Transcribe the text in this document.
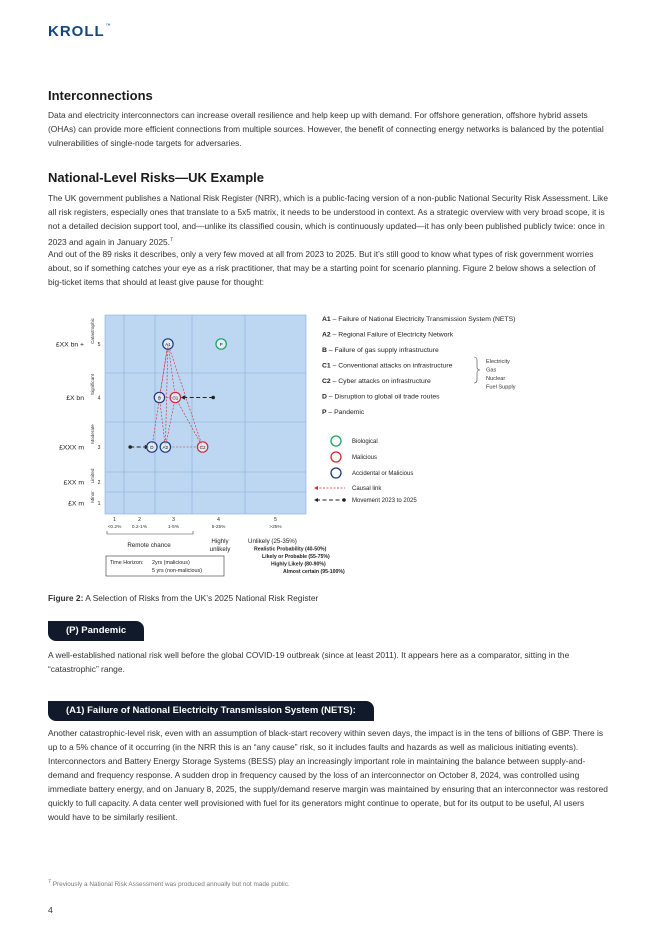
KROLL™
Interconnections

Data and electricity interconnectors can increase overall resilience and help keep up with demand. For offshore generation, offshore hybrid assets (OHAs) can provide more efficient connections from multiple sources. However, the benefit of connecting energy networks is balanced by the potential vulnerabilities of single-node targets for adversaries.

National-Level Risks—UK Example

The UK government publishes a National Risk Register (NRR), which is a public-facing version of a non-public National Security Risk Assessment. Like all risk registers, especially ones that translate to a 5x5 matrix, it needs to be understood in context. As a strategic overview with very broad scope, it is not a detailed decision support tool, and—unlike its classified cousin, which is continuously updated—it has only been published publicly twice: once in 2023 and again in January 2025.$^7$

And out of the 89 risks it describes, only a very few moved at all from 2023 to 2025. But it’s still good to know what types of risk government worries about, so if something catches your eye as a risk practitioner, that may be a starting point for scenario planning. Figure 2 below shows a selection of big-ticket items that should at least give pause for thought:

£XX bn +	5
Catastrophic
£X bn	4
Significant
£XXX m	3
Moderate
£XX m	2
Limited
£X m	1
Minor
1
<0.2%
2
0.2-1%
3
1-5%
4
5-25%
5
>25%
A1	P
B C1
D A2	C2
A1 – Failure of National Electricity Transmission System (NETS)
A2 – Regional Failure of Electricity Network
B – Failure of gas supply infrastructure
C1 – Conventional attacks on infrastructure
C2 – Cyber attacks on infrastructure
D – Disruption to global oil trade routes
P – Pandemic
Electricity
Gas
Nuclear
Fuel Supply
Biological
Malicious
Accidental or Malicious
Causal link
Movement 2023 to 2025
Remote chance
Highly
unlikely
Unlikely (25-35%)
Realistic Probability (40-50%)
Likely or Probable (55-75%)
Highly Likely (80-90%)
Almost certain (95-100%)
Time Horizon: 2yrs (malicious)
5 yrs (non-malicious)
Figure 2: A Selection of Risks from the UK’s 2025 National Risk Register
(P) Pandemic

A well-established national risk well before the global COVID-19 outbreak (since at least 2011). It appears here as a comparator, sitting in the “catastrophic” range.

(A1) Failure of National Electricity Transmission System (NETS):

Another catastrophic-level risk, even with an assumption of black-start recovery within seven days, the impact is in the tens of billions of GBP. There is up to a 5% chance of it occurring (in the NRR this is an “any cause” risk, so it includes faults and hazards as well as malicious initiating events). Interconnectors and Battery Energy Storage Systems (BESS) play an increasingly important role in maintaining the balance between supply-and-demand and frequency response. A sudden drop in frequency caused by the loss of an interconnector on October 8, 2024, was controlled using immediate battery energy, and on January 8, 2025, the supply/demand reserve margin was maintained by ensuring that an interconnector was restored quickly to full capacity. A data center well provisioned with fuel for its generators might continue to operate, but for its output to be useful, AI users would have to be similarly resilient.

$^7$ Previously a National Risk Assessment was produced annually but not made public.
4
